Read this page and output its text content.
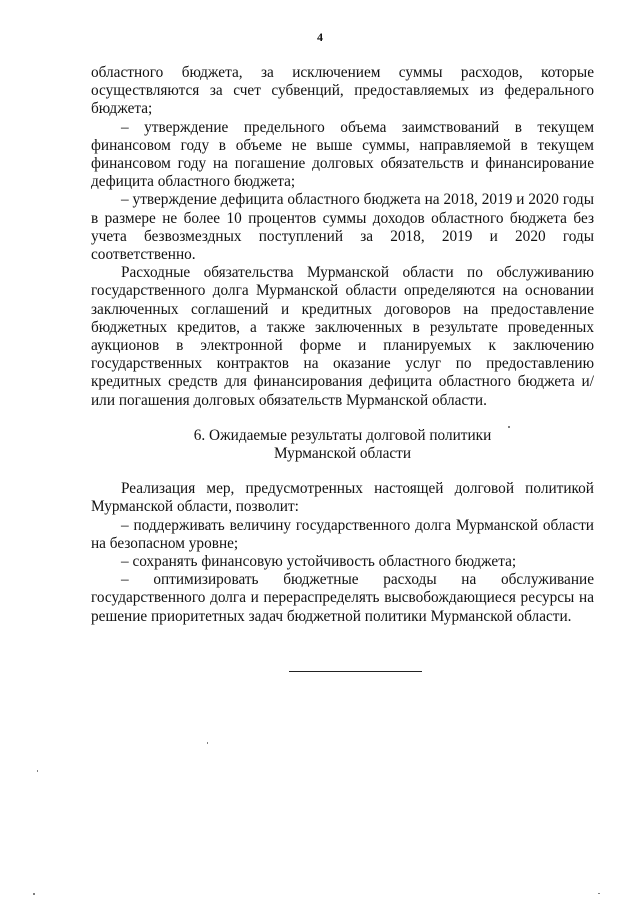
4

областного бюджета, за исключением суммы расходов, которые осуществляются за счет субвенций, предоставляемых из федерального бюджета;

– утверждение предельного объема заимствований в текущем финансовом году в объеме не выше суммы, направляемой в текущем финансовом году на погашение долговых обязательств и финансирование дефицита областного бюджета;

– утверждение дефицита областного бюджета на 2018, 2019 и 2020 годы в размере не более 10 процентов суммы доходов областного бюджета без учета безвозмездных поступлений за 2018, 2019 и 2020 годы соответственно.

Расходные обязательства Мурманской области по обслуживанию государственного долга Мурманской области определяются на основании заключенных соглашений и кредитных договоров на предоставление бюджетных кредитов, а также заключенных в результате проведенных аукционов в электронной форме и планируемых к заключению государственных контрактов на оказание услуг по предоставлению кредитных средств для финансирования дефицита областного бюджета и/или погашения долговых обязательств Мурманской области.

6. Ожидаемые результаты долговой политики
Мурманской области

Реализация мер, предусмотренных настоящей долговой политикой Мурманской области, позволит:

– поддерживать величину государственного долга Мурманской области на безопасном уровне;

– сохранять финансовую устойчивость областного бюджета;

– оптимизировать бюджетные расходы на обслуживание государственного долга и перераспределять высвобождающиеся ресурсы на решение приоритетных задач бюджетной политики Мурманской области.
